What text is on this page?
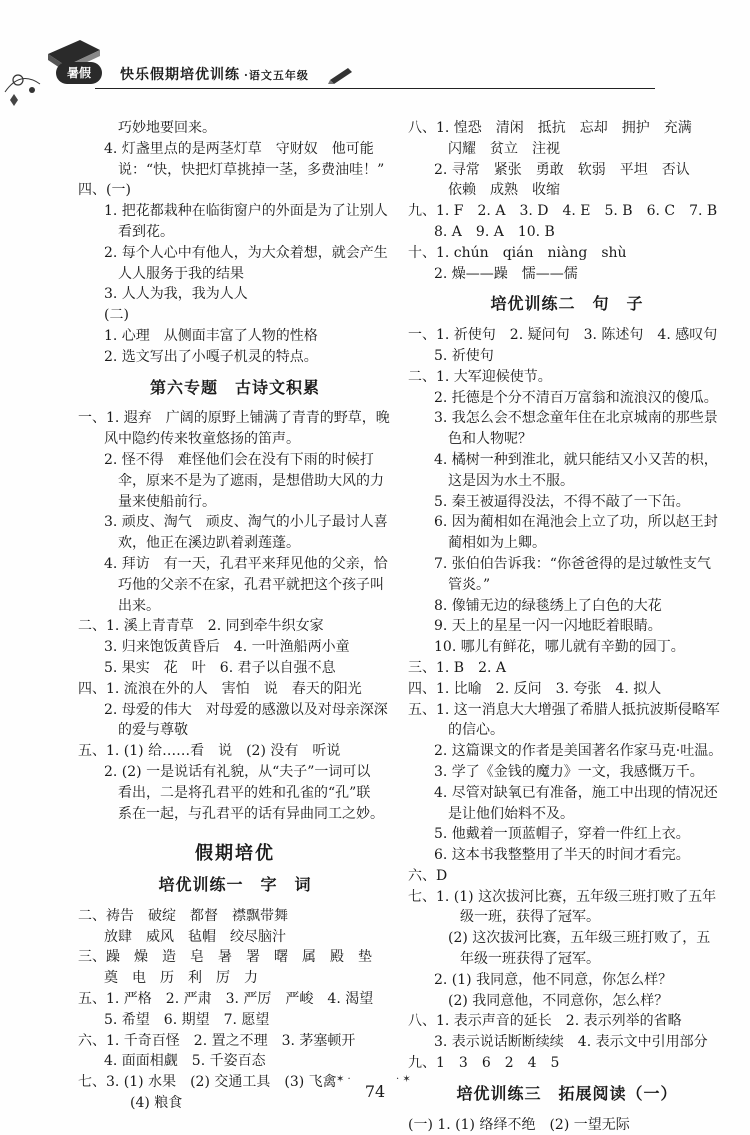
暑假	快乐假期培优训练 ·语文五年级
巧妙地要回来。
4. 灯盏里点的是两茎灯草　守财奴　他可能
说：“快，快把灯草挑掉一茎，多费油哇！”
四、(一)
1. 把花都栽种在临街窗户的外面是为了让别人
看到花。
2. 每个人心中有他人，为大众着想，就会产生
人人服务于我的结果
3. 人人为我，我为人人
(二)
1. 心理　从侧面丰富了人物的性格
2. 选文写出了小嘎子机灵的特点。
第六专题　古诗文积累
一、1. 遐弃　广阔的原野上铺满了青青的野草，晚
风中隐约传来牧童悠扬的笛声。
2. 怪不得　难怪他们会在没有下雨的时候打
伞，原来不是为了遮雨，是想借助大风的力
量来使船前行。
3. 顽皮、淘气　顽皮、淘气的小儿子最讨人喜
欢，他正在溪边趴着剥莲蓬。
4. 拜访　有一天，孔君平来拜见他的父亲，恰
巧他的父亲不在家，孔君平就把这个孩子叫
出来。
二、1. 溪上青青草　2. 同到牵牛织女家
3. 归来饱饭黄昏后　4. 一叶渔船两小童
5. 果实　花　叶　6. 君子以自强不息
四、1. 流浪在外的人　害怕　说　春天的阳光
2. 母爱的伟大　对母爱的感激以及对母亲深深
的爱与尊敬
五、1. (1) 给……看　说　(2) 没有　听说
2. (2) 一是说话有礼貌，从“夫子”一词可以
看出，二是将孔君平的姓和孔雀的“孔”联
系在一起，与孔君平的话有异曲同工之妙。
假期培优
培优训练一　字　词
二、祷告　破绽　都督　襟飘带舞
放肆　威风　毡帽　绞尽脑汁
三、躁　燥　造　皂　暑　署　曙　属　殿　垫
奠　电　历　利　厉　力
五、1. 严格　2. 严肃　3. 严厉　严峻　4. 渴望
5. 希望　6. 期望　7. 愿望
六、1. 千奇百怪　2. 置之不理　3. 茅塞顿开
4. 面面相觑　5. 千姿百态
七、3. (1) 水果　(2) 交通工具　(3) 飞禽
(4) 粮食
八、1. 惶恐　清闲　抵抗　忘却　拥护　充满
闪耀　贫立　注视
2. 寻常　紧张　勇敢　软弱　平坦　否认
依赖　成熟　收缩
九、1. F　2. A　3. D　4. E　5. B　6. C　7. B
8. A　9. A　10. B
十、1. chún　qián　niàng　shù
2. 燥——躁　懦——儒
培优训练二　句　子
一、1. 祈使句　2. 疑问句　3. 陈述句　4. 感叹句
5. 祈使句
二、1. 大军迎候使节。
2. 托德是个分不清百万富翁和流浪汉的傻瓜。
3. 我怎么会不想念童年住在北京城南的那些景
色和人物呢？
4. 橘树一种到淮北，就只能结又小又苦的枳，
这是因为水土不服。
5. 秦王被逼得没法，不得不敲了一下缶。
6. 因为蔺相如在渑池会上立了功，所以赵王封
蔺相如为上卿。
7. 张伯伯告诉我：“你爸爸得的是过敏性支气
管炎。”
8. 像铺无边的绿毯绣上了白色的大花
9. 天上的星星一闪一闪地眨着眼睛。
10. 哪儿有鲜花，哪儿就有辛勤的园丁。
三、1. B　2. A
四、1. 比喻　2. 反问　3. 夸张　4. 拟人
五、1. 这一消息大大增强了希腊人抵抗波斯侵略军
的信心。
2. 这篇课文的作者是美国著名作家马克·吐温。
3. 学了《金钱的魔力》一文，我感慨万千。
4. 尽管对缺氧已有准备，施工中出现的情况还
是让他们始料不及。
5. 他戴着一顶蓝帽子，穿着一件红上衣。
6. 这本书我整整用了半天的时间才看完。
六、D
七、1. (1) 这次拔河比赛，五年级三班打败了五年
级一班，获得了冠军。
(2) 这次拔河比赛，五年级三班打败了，五
年级一班获得了冠军。
2. (1) 我同意，他不同意，你怎么样？
(2) 我同意他，不同意你，怎么样？
八、1. 表示声音的延长　2. 表示列举的省略
3. 表示说话断断续续　4. 表示文中引用部分
九、1　3　6　2　4　5
培优训练三　拓展阅读（一）
(一) 1. (1) 络绎不绝　(2) 一望无际
✶ ·	· ✶
74
